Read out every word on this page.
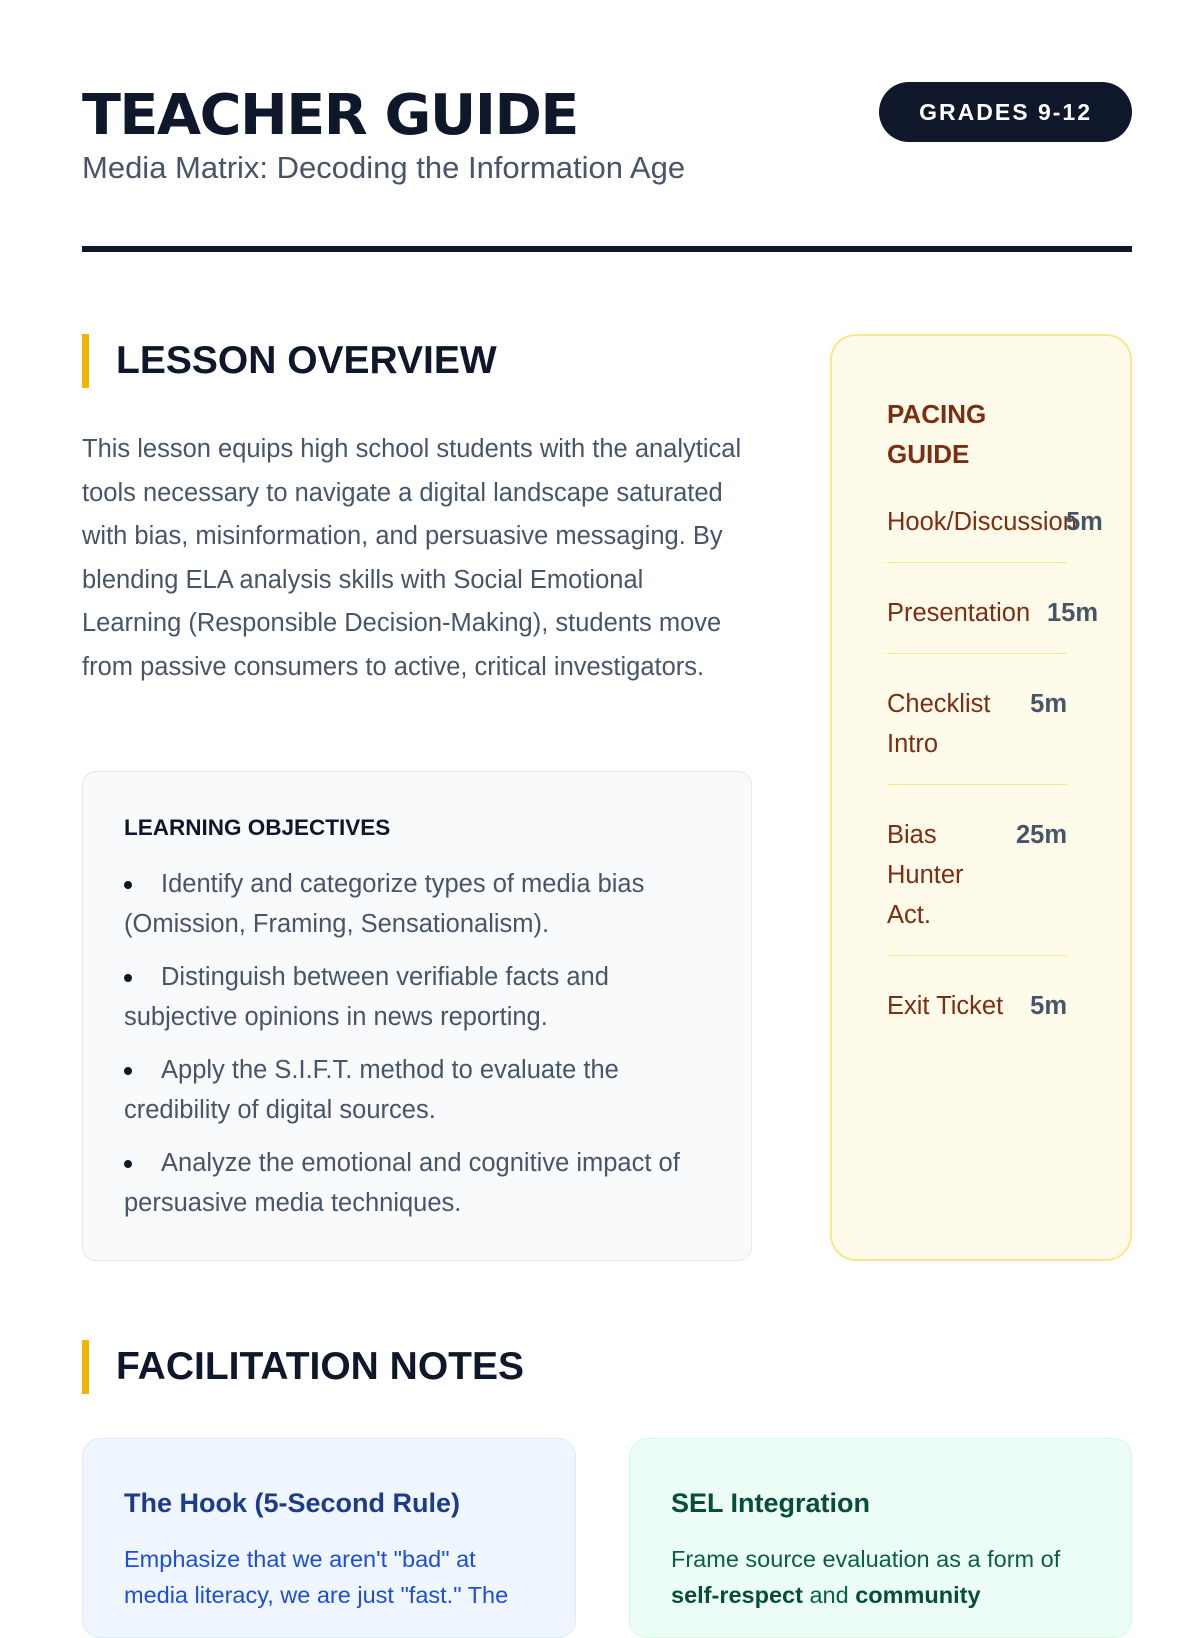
TEACHER GUIDE

Media Matrix: Decoding the Information Age

GRADES 9-12
LESSON OVERVIEW

This lesson equips high school students with the analytical tools necessary to navigate a digital landscape saturated with bias, misinformation, and persuasive messaging. By blending ELA analysis skills with Social Emotional Learning (Responsible Decision-Making), students move from passive consumers to active, critical investigators.

LEARNING OBJECTIVES
Identify and categorize types of media bias (Omission, Framing, Sensationalism).
Distinguish between verifiable facts and subjective opinions in news reporting.
Apply the S.I.F.T. method to evaluate the credibility of digital sources.
Analyze the emotional and cognitive impact of persuasive media techniques.
PACING GUIDE
Hook/Discussion
5m
Presentation 15m
Checklist Intro
5m
Bias Hunter Act.
25m
Exit Ticket 5m
FACILITATION NOTES
The Hook (5-Second Rule)

Emphasize that we aren't "bad" at media literacy, we are just "fast." The

SEL Integration

Frame source evaluation as a form of self-respect and community
